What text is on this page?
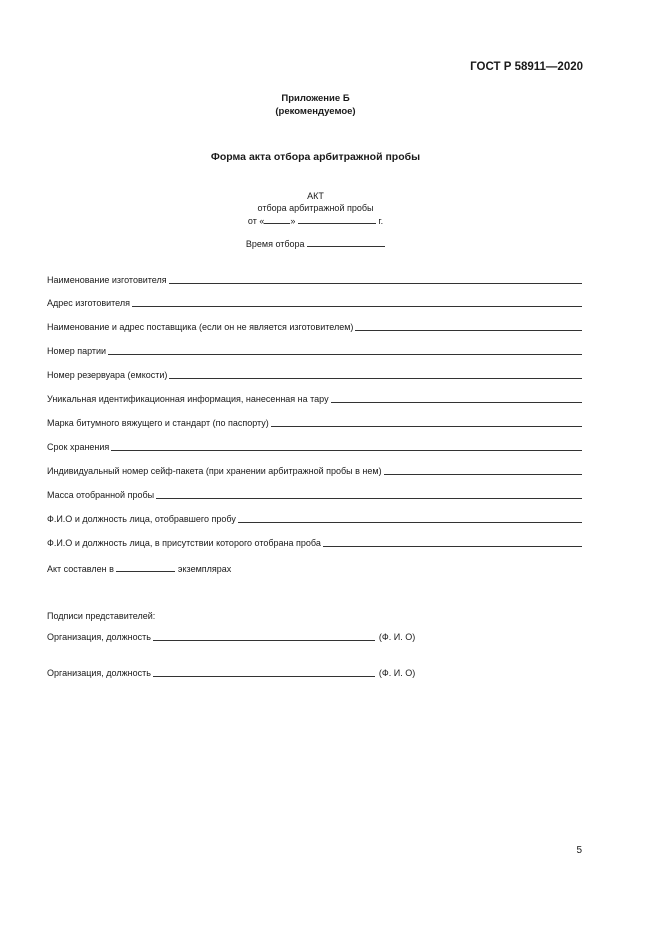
ГОСТ Р 58911—2020
Приложение Б
(рекомендуемое)
Форма акта отбора арбитражной пробы
АКТ
отбора арбитражной пробы
от «	»	г.
Время отбора
Наименование изготовителя
Адрес изготовителя
Наименование и адрес поставщика (если он не является изготовителем)
Номер партии
Номер резервуара (емкости)
Уникальная идентификационная информация, нанесенная на тару
Марка битумного вяжущего и стандарт (по паспорту)
Срок хранения
Индивидуальный номер сейф-пакета (при хранении арбитражной пробы в нем)
Масса отобранной пробы
Ф.И.О и должность лица, отобравшего пробу
Ф.И.О и должность лица, в присутствии которого отобрана проба
Акт составлен в	экземплярах
Подписи представителей:
Организация, должность	(Ф. И. О)
Организация, должность	(Ф. И. О)
5
